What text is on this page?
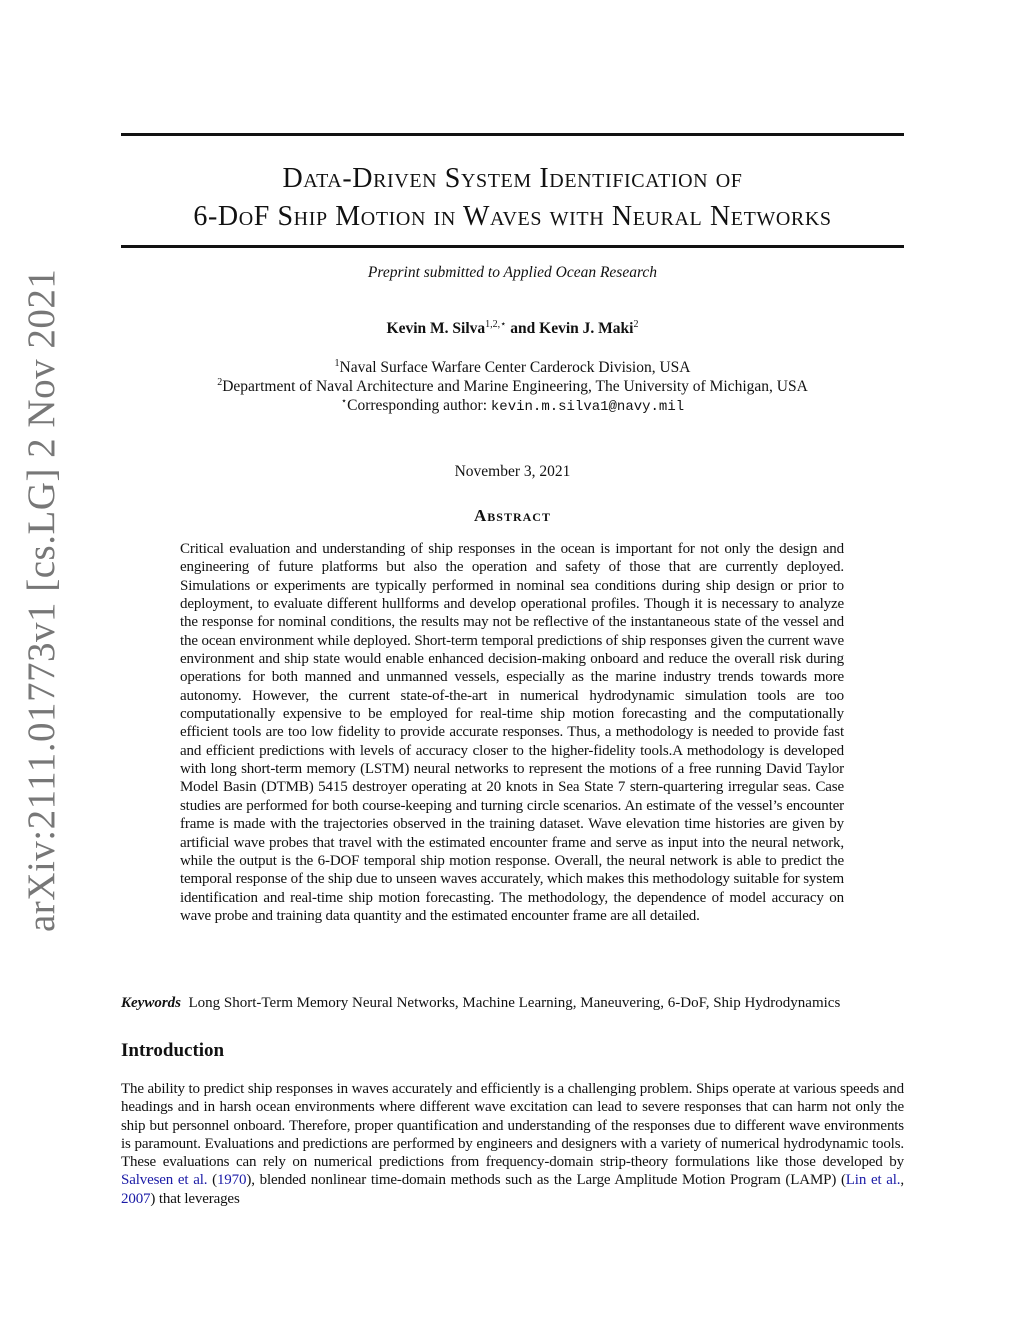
arXiv:2111.01773v1 [cs.LG] 2 Nov 2021
Data-Driven System Identification of
6-DoF Ship Motion in Waves with Neural Networks
Preprint submitted to Applied Ocean Research
Kevin M. Silva$^{1,2,⋆}$ and Kevin J. Maki$^2$
$^1$Naval Surface Warfare Center Carderock Division, USA
$^2$Department of Naval Architecture and Marine Engineering, The University of Michigan, USA
⋆Corresponding author: kevin.m.silva1@navy.mil
November 3, 2021
Abstract
Critical evaluation and understanding of ship responses in the ocean is important for not only the design and engineering of future platforms but also the operation and safety of those that are currently deployed. Simulations or experiments are typically performed in nominal sea conditions during ship design or prior to deployment, to evaluate different hullforms and develop operational profiles. Though it is necessary to analyze the response for nominal conditions, the results may not be reflective of the instantaneous state of the vessel and the ocean environment while deployed. Short-term temporal predictions of ship responses given the current wave environment and ship state would enable enhanced decision-making onboard and reduce the overall risk during operations for both manned and unmanned vessels, especially as the marine industry trends towards more autonomy. However, the current state-of-the-art in numerical hydrodynamic simulation tools are too computationally expensive to be employed for real-time ship motion forecasting and the computationally efficient tools are too low fidelity to provide accurate responses. Thus, a methodology is needed to provide fast and efficient predictions with levels of accuracy closer to the higher-fidelity tools.A methodology is developed with long short-term memory (LSTM) neural networks to represent the motions of a free running David Taylor Model Basin (DTMB) 5415 destroyer operating at 20 knots in Sea State 7 stern-quartering irregular seas. Case studies are performed for both course-keeping and turning circle scenarios. An estimate of the vessel’s encounter frame is made with the trajectories observed in the training dataset. Wave elevation time histories are given by artificial wave probes that travel with the estimated encounter frame and serve as input into the neural network, while the output is the 6-DOF temporal ship motion response. Overall, the neural network is able to predict the temporal response of the ship due to unseen waves accurately, which makes this methodology suitable for system identification and real-time ship motion forecasting. The methodology, the dependence of model accuracy on wave probe and training data quantity and the estimated encounter frame are all detailed.
Keywords Long Short-Term Memory Neural Networks, Machine Learning, Maneuvering, 6-DoF, Ship Hydrodynamics
Introduction
The ability to predict ship responses in waves accurately and efficiently is a challenging problem. Ships operate at various speeds and headings and in harsh ocean environments where different wave excitation can lead to severe responses that can harm not only the ship but personnel onboard. Therefore, proper quantification and understanding of the responses due to different wave environments is paramount. Evaluations and predictions are performed by engineers and designers with a variety of numerical hydrodynamic tools. These evaluations can rely on numerical predictions from frequency-domain strip-theory formulations like those developed by Salvesen et al. (1970), blended nonlinear time-domain methods such as the Large Amplitude Motion Program (LAMP) (Lin et al., 2007) that leverages
